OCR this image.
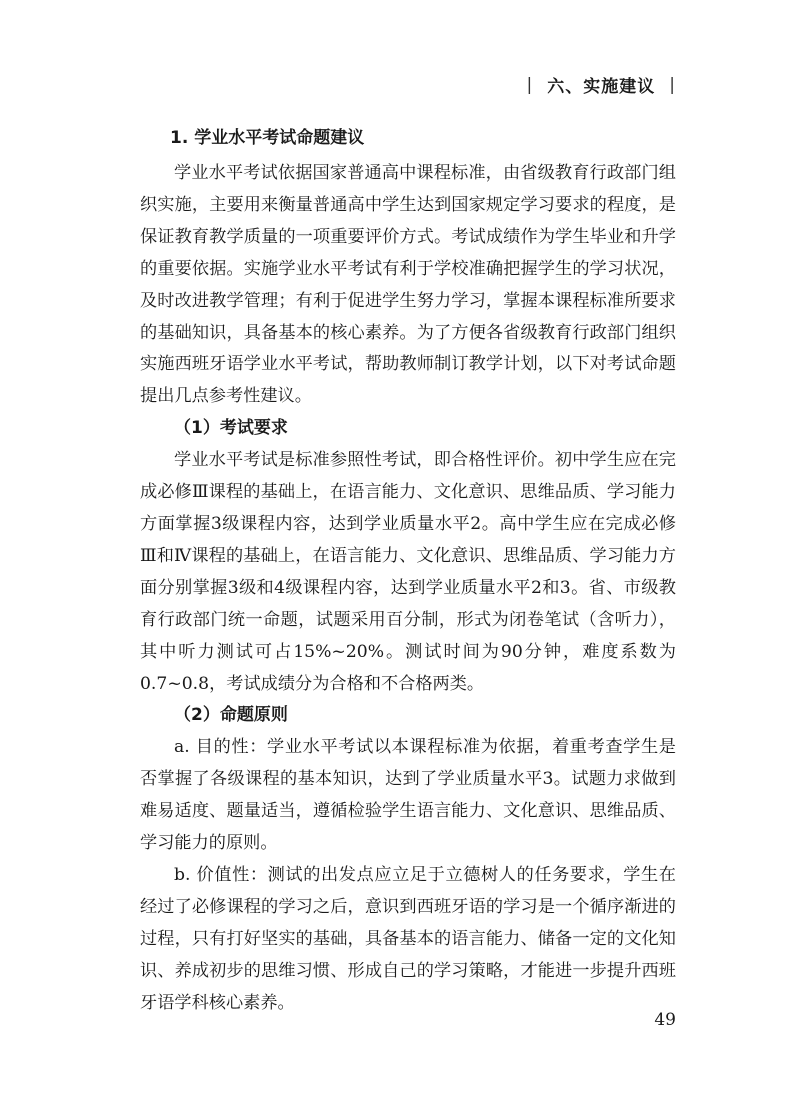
| 六、实施建议 |
1. 学业水平考试命题建议

学业水平考试依据国家普通高中课程标准，由省级教育行政部门组织实施，主要用来衡量普通高中学生达到国家规定学习要求的程度，是保证教育教学质量的一项重要评价方式。考试成绩作为学生毕业和升学的重要依据。实施学业水平考试有利于学校准确把握学生的学习状况，及时改进教学管理；有利于促进学生努力学习，掌握本课程标准所要求的基础知识，具备基本的核心素养。为了方便各省级教育行政部门组织实施西班牙语学业水平考试，帮助教师制订教学计划，以下对考试命题提出几点参考性建议。

（1）考试要求

学业水平考试是标准参照性考试，即合格性评价。初中学生应在完成必修Ⅲ课程的基础上，在语言能力、文化意识、思维品质、学习能力方面掌握3级课程内容，达到学业质量水平2。高中学生应在完成必修Ⅲ和Ⅳ课程的基础上，在语言能力、文化意识、思维品质、学习能力方面分别掌握3级和4级课程内容，达到学业质量水平2和3。省、市级教育行政部门统一命题，试题采用百分制，形式为闭卷笔试（含听力），其中听力测试可占15%~20%。测试时间为90分钟，难度系数为0.7~0.8，考试成绩分为合格和不合格两类。

（2）命题原则

a. 目的性：学业水平考试以本课程标准为依据，着重考查学生是否掌握了各级课程的基本知识，达到了学业质量水平3。试题力求做到难易适度、题量适当，遵循检验学生语言能力、文化意识、思维品质、学习能力的原则。

b. 价值性：测试的出发点应立足于立德树人的任务要求，学生在经过了必修课程的学习之后，意识到西班牙语的学习是一个循序渐进的过程，只有打好坚实的基础，具备基本的语言能力、储备一定的文化知识、养成初步的思维习惯、形成自己的学习策略，才能进一步提升西班牙语学科核心素养。

49
